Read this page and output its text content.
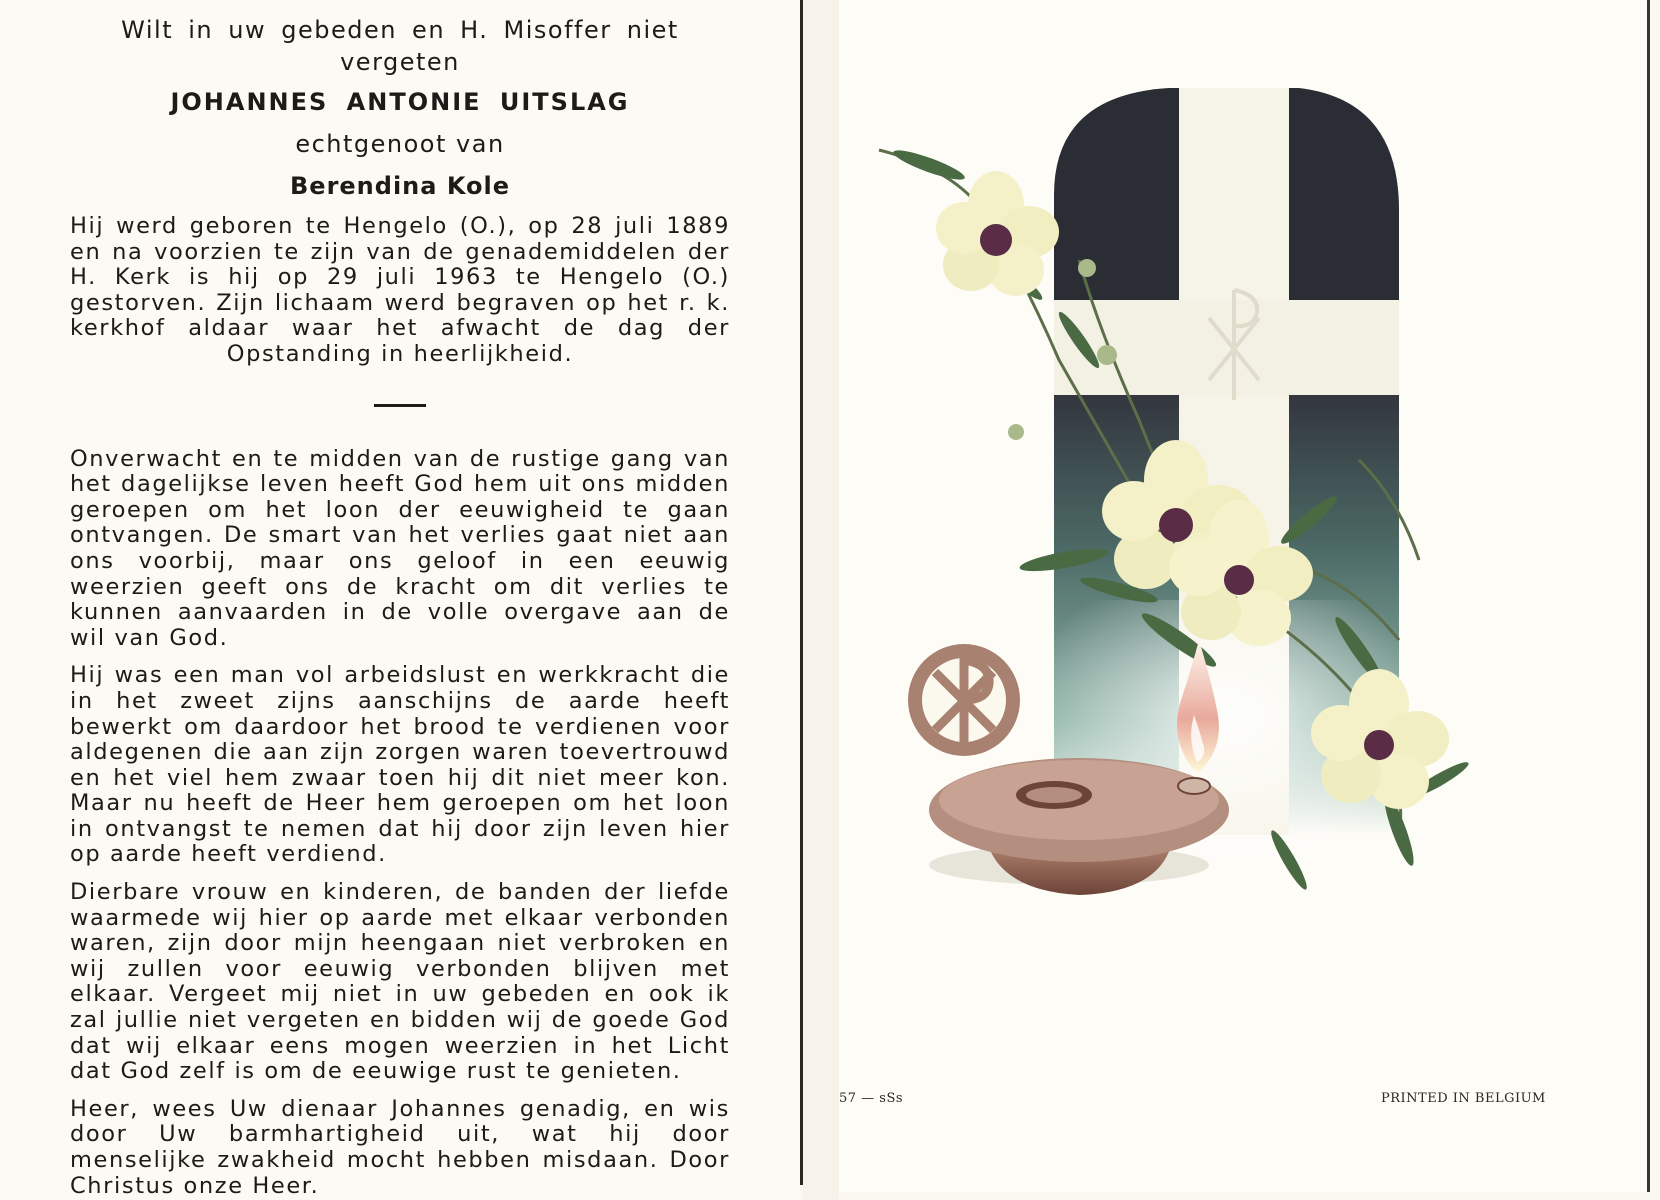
Wilt in uw gebeden en H. Misoffer niet vergeten

JOHANNES ANTONIE UITSLAG

echtgenoot van

Berendina Kole

Hij werd geboren te Hengelo (O.), op 28 juli 1889 en na voorzien te zijn van de genademiddelen der H. Kerk is hij op 29 juli 1963 te Hengelo (O.) gestorven. Zijn lichaam werd begraven op het r. k. kerkhof aldaar waar het afwacht de dag der Opstanding in heerlijkheid.

Onverwacht en te midden van de rustige gang van het dagelijkse leven heeft God hem uit ons midden geroepen om het loon der eeuwigheid te gaan ontvangen. De smart van het verlies gaat niet aan ons voorbij, maar ons geloof in een eeuwig weerzien geeft ons de kracht om dit verlies te kunnen aanvaarden in de volle overgave aan de wil van God.

Hij was een man vol arbeidslust en werkkracht die in het zweet zijns aanschijns de aarde heeft bewerkt om daardoor het brood te verdienen voor aldegenen die aan zijn zorgen waren toevertrouwd en het viel hem zwaar toen hij dit niet meer kon. Maar nu heeft de Heer hem geroepen om het loon in ontvangst te nemen dat hij door zijn leven hier op aarde heeft verdiend.

Dierbare vrouw en kinderen, de banden der liefde waarmede wij hier op aarde met elkaar verbonden waren, zijn door mijn heengaan niet verbroken en wij zullen voor eeuwig verbonden blijven met elkaar. Vergeet mij niet in uw gebeden en ook ik zal jullie niet vergeten en bidden wij de goede God dat wij elkaar eens mogen weerzien in het Licht dat God zelf is om de eeuwige rust te genieten.

Heer, wees Uw dienaar Johannes genadig, en wis door Uw barmhartigheid uit, wat hij door menselijke zwakheid mocht hebben misdaan. Door Christus onze Heer.

57 — sSs	PRINTED IN BELGIUM
